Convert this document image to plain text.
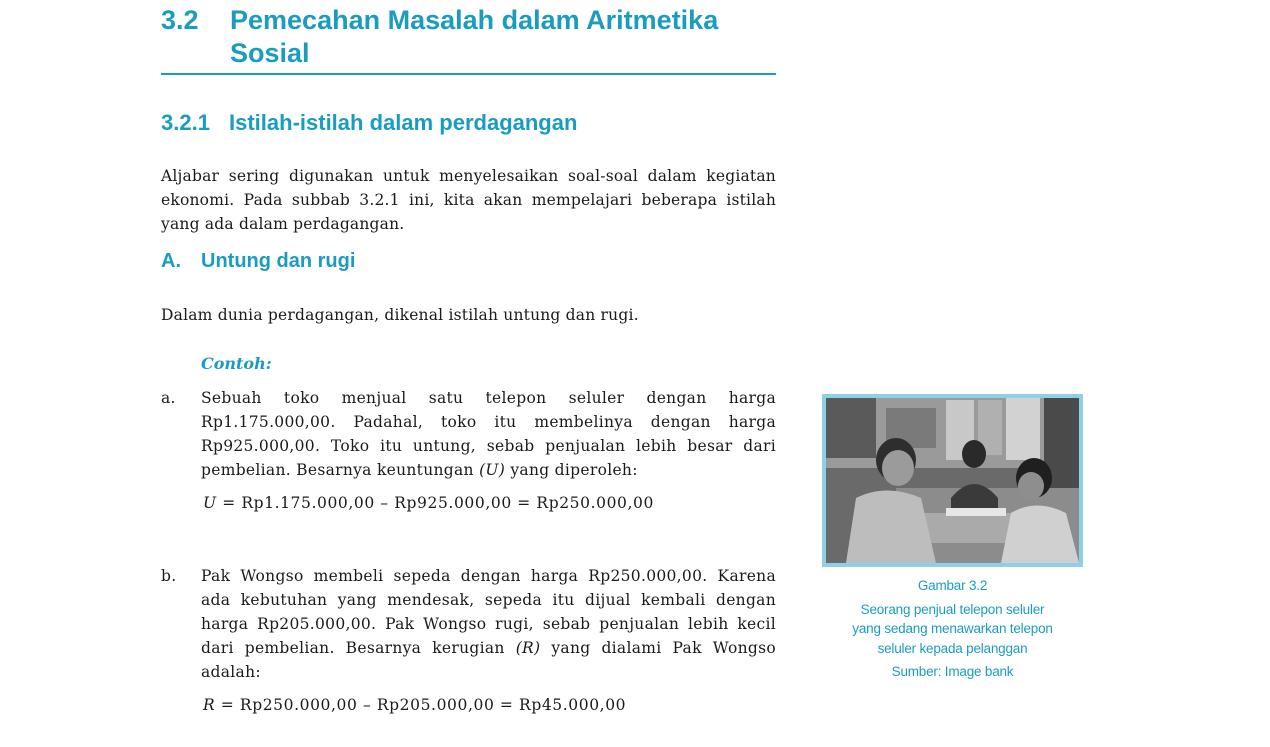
3.2 Pemecahan Masalah dalam Aritmetika Sosial
3.2.1 Istilah-istilah dalam perdagangan
Aljabar sering digunakan untuk menyelesaikan soal-soal dalam kegiatan ekonomi. Pada subbab 3.2.1 ini, kita akan mempelajari beberapa istilah yang ada dalam perdagangan.
A. Untung dan rugi
Dalam dunia perdagangan, dikenal istilah untung dan rugi.
Contoh:
a. Sebuah toko menjual satu telepon seluler dengan harga Rp1.175.000,00. Padahal, toko itu membelinya dengan harga Rp925.000,00. Toko itu untung, sebab penjualan lebih besar dari pembelian. Besarnya keuntungan (U) yang diperoleh:
U = Rp1.175.000,00 – Rp925.000,00 = Rp250.000,00
b. Pak Wongso membeli sepeda dengan harga Rp250.000,00. Karena ada kebutuhan yang mendesak, sepeda itu dijual kembali dengan harga Rp205.000,00. Pak Wongso rugi, sebab penjualan lebih kecil dari pembelian. Besarnya kerugian (R) yang dialami Pak Wongso adalah:
R = Rp250.000,00 – Rp205.000,00 = Rp45.000,00
Gambar 3.2
Seorang penjual telepon seluler
yang sedang menawarkan telepon
seluler kepada pelanggan
Sumber: Image bank
